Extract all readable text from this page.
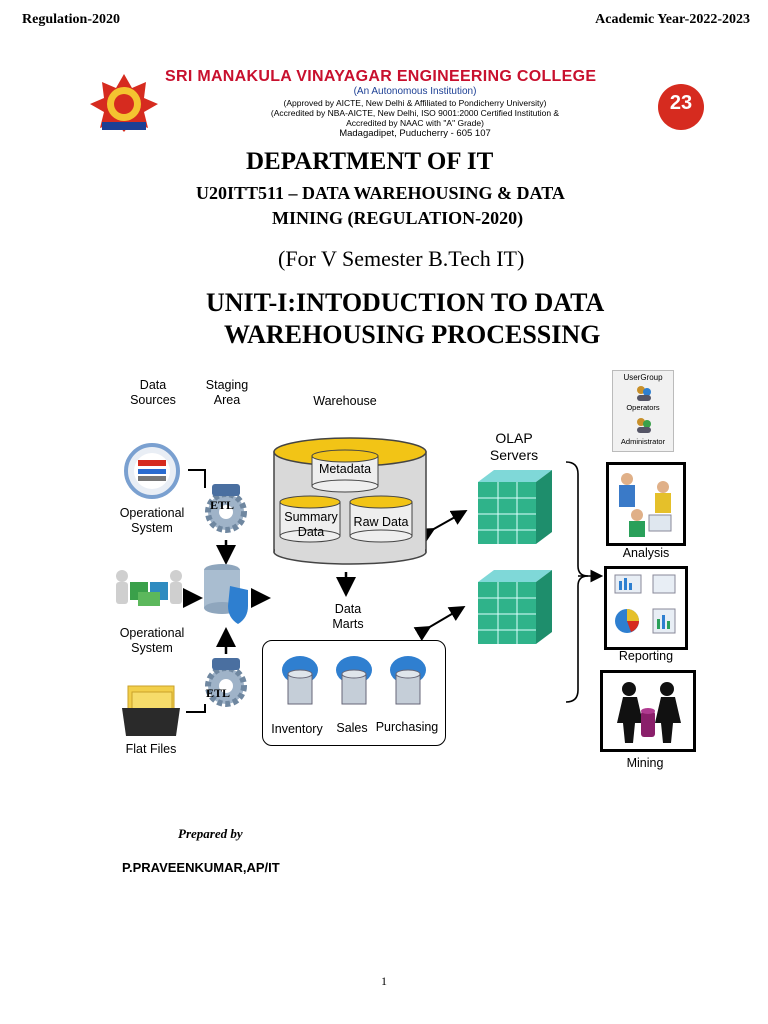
Regulation-2020	Academic Year-2022-2023
SRI MANAKULA VINAYAGAR ENGINEERING COLLEGE
(An Autonomous Institution)
(Approved by AICTE, New Delhi & Affiliated to Pondicherry University)
(Accredited by NBA-AICTE, New Delhi, ISO 9001:2000 Certified Institution &
Accredited by NAAC with "A" Grade)
Madagadipet, Puducherry - 605 107
23
DEPARTMENT OF IT
U20ITT511 – DATA WAREHOUSING & DATA
MINING (REGULATION-2020)
(For V Semester B.Tech IT)
UNIT-I:INTODUCTION TO DATA
WAREHOUSING PROCESSING
Data
Sources
Staging
Area	Warehouse
Operational
System
Operational
System
Flat Files
ETL
ETL
Metadata
Summary
Data
Raw Data
Data
Marts
Inventory	Sales Purchasing
OLAP
Servers
UserGroup
Operators
Administrator
Analysis
Reporting
Mining
Prepared by
P.PRAVEENKUMAR,AP/IT
1
